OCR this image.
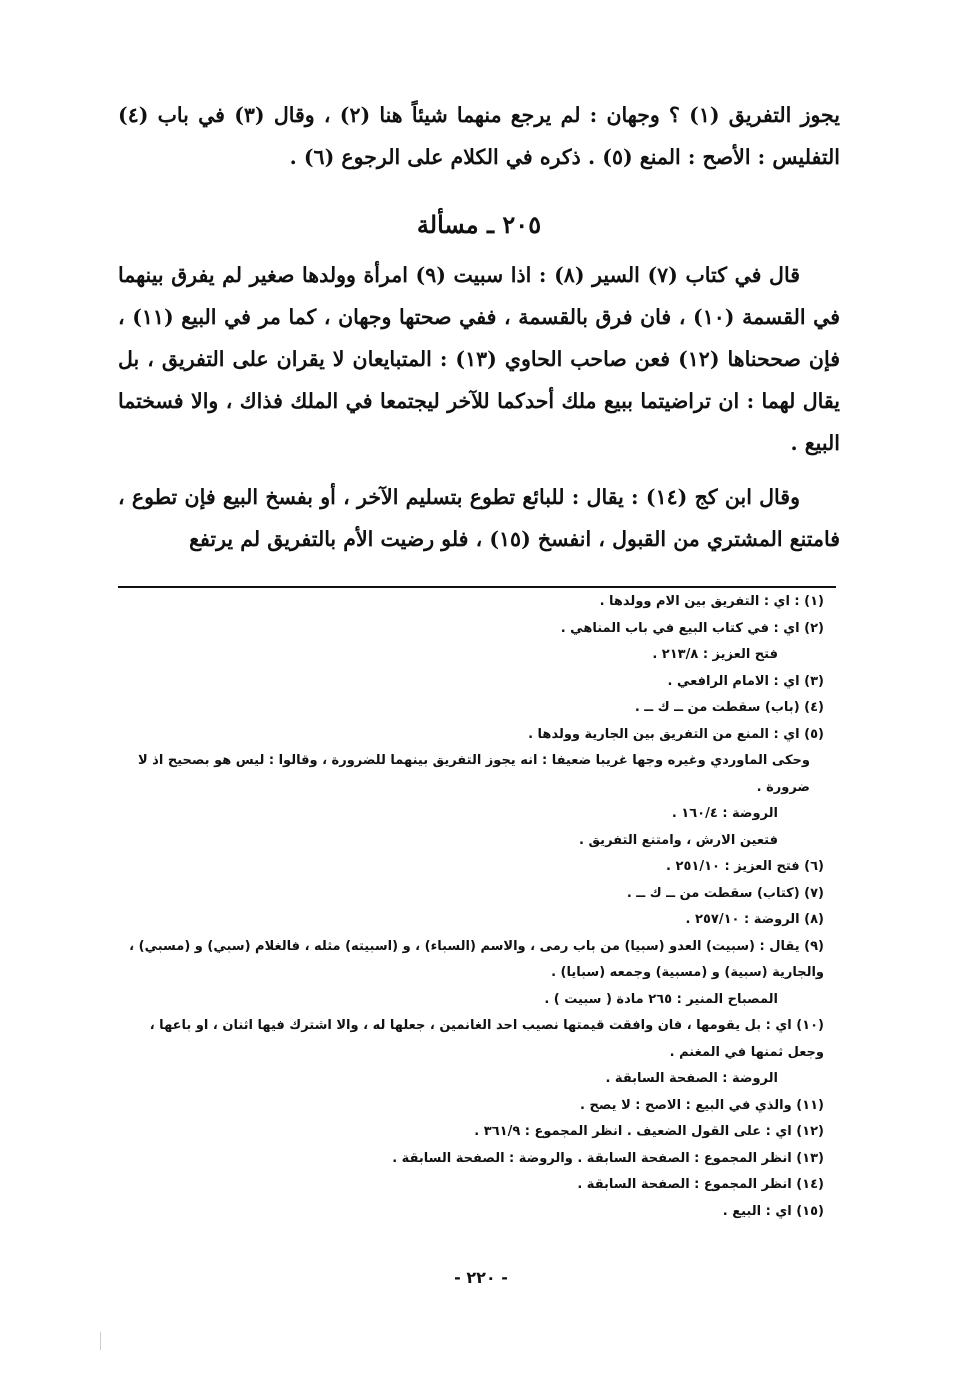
يجوز التفريق (١) ؟ وجهان : لم يرجع منهما شيئاً هنا (٢) ، وقال (٣) في باب (٤) التفليس : الأصح : المنع (٥) . ذكره في الكلام على الرجوع (٦) .

٢٠٥ ـ مسألة

قال في كتاب (٧) السير (٨) : اذا سبيت (٩) امرأة وولدها صغير لم يفرق بينهما في القسمة (١٠) ، فان فرق بالقسمة ، ففي صحتها وجهان ، كما مر في البيع (١١) ، فإن صححناها (١٢) فعن صاحب الحاوي (١٣) : المتبايعان لا يقران على التفريق ، بل يقال لهما : ان تراضيتما ببيع ملك أحدكما للآخر ليجتمعا في الملك فذاك ، والا فسختما البيع .

وقال ابن كج (١٤) : يقال : للبائع تطوع بتسليم الآخر ، أو بفسخ البيع فإن تطوع ، فامتنع المشتري من القبول ، انفسخ (١٥) ، فلو رضيت الأم بالتفريق لم يرتفع

(١) : اي : التفريق بين الام وولدها .
(٢) اي : في كتاب البيع في باب المناهي .
فتح العزيز : ٢١٣/٨ .
(٣) اي : الامام الرافعي .
(٤) (باب) سقطت من ــ ك ــ .
(٥) اي : المنع من التفريق بين الجارية وولدها .
وحكى الماوردي وغيره وجها غريبا ضعيفا : انه يجوز التفريق بينهما للضرورة ، وقالوا : ليس هو بصحيح اذ لا ضرورة .
الروضة : ١٦٠/٤ .
فتعين الارش ، وامتنع التفريق .
(٦) فتح العزيز : ٢٥١/١٠ .
(٧) (كتاب) سقطت من ــ ك ــ .
(٨) الروضة : ٢٥٧/١٠ .
(٩) يقال : (سبيت) العدو (سبيا) من باب رمى ، والاسم (السباء) ، و (اسبيته) مثله ، فالغلام (سبي) و (مسبي) ، والجارية (سبية) و (مسبية) وجمعه (سبايا) .
المصباح المنير : ٢٦٥ مادة ( سبيت ) .
(١٠) اي : بل يقومها ، فان وافقت قيمتها نصيب احد الغانمين ، جعلها له ، والا اشترك فيها اثنان ، او باعها ، وجعل ثمنها في المغنم .
الروضة : الصفحة السابقة .
(١١) والذي في البيع : الاصح : لا يصح .
(١٢) اي : على القول الضعيف . انظر المجموع : ٣٦١/٩ .
(١٣) انظر المجموع : الصفحة السابقة . والروضة : الصفحة السابقة .
(١٤) انظر المجموع : الصفحة السابقة .
(١٥) اي : البيع .
- ٢٢٠ -
